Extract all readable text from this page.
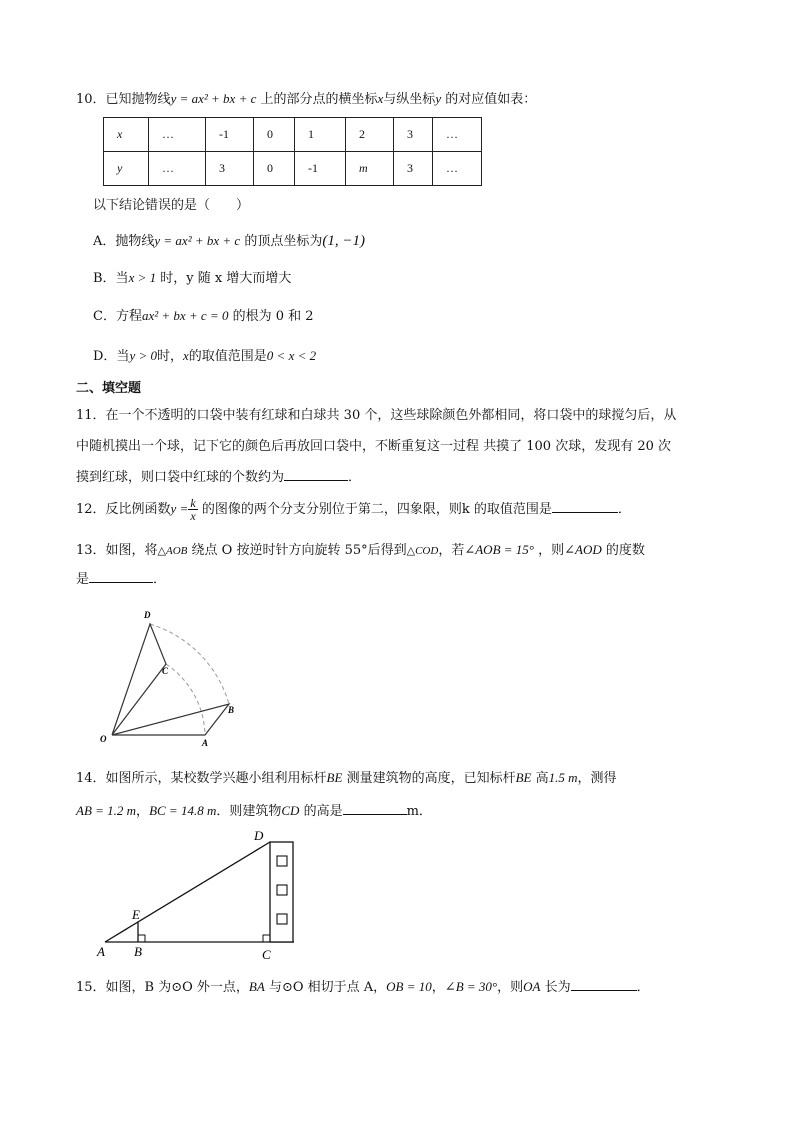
10．已知抛物线y = ax² + bx + c 上的部分点的横坐标x与纵坐标y 的对应值如表：
x	…	-1	0	1	2	3	…
y	…	3	0	-1	m	3	…
以下结论错误的是（　　）
A．抛物线y = ax² + bx + c 的顶点坐标为(1, −1)
B．当x > 1 时，y 随 x 增大而增大
C．方程ax² + bx + c = 0 的根为 0 和 2
D．当y > 0时，x的取值范围是0 < x < 2
二、填空题
11．在一个不透明的口袋中装有红球和白球共 30 个，这些球除颜色外都相同，将口袋中的球搅匀后，从
中随机摸出一个球，记下它的颜色后再放回口袋中，不断重复这一过程 共摸了 100 次球，发现有 20 次
摸到红球，则口袋中红球的个数约为	．
12．反比例函数$y = \frac{k}{x}$ 的图像的两个分支分别位于第二，四象限，则k 的取值范围是	．
13．如图，将△AOB 绕点 O 按逆时针方向旋转 55°后得到△COD，若∠AOB = 15° ，则∠AOD 的度数
是	．
D
C
B
O	A
14．如图所示，某校数学兴趣小组利用标杆BE 测量建筑物的高度，已知标杆BE 高1.5 m，测得
AB = 1.2 m，BC = 14.8 m．则建筑物CD 的高是	m．
D
E
A B	C
15．如图，B 为⊙O 外一点，BA 与⊙O 相切于点 A，OB = 10，∠B = 30°，则OA 长为	．
